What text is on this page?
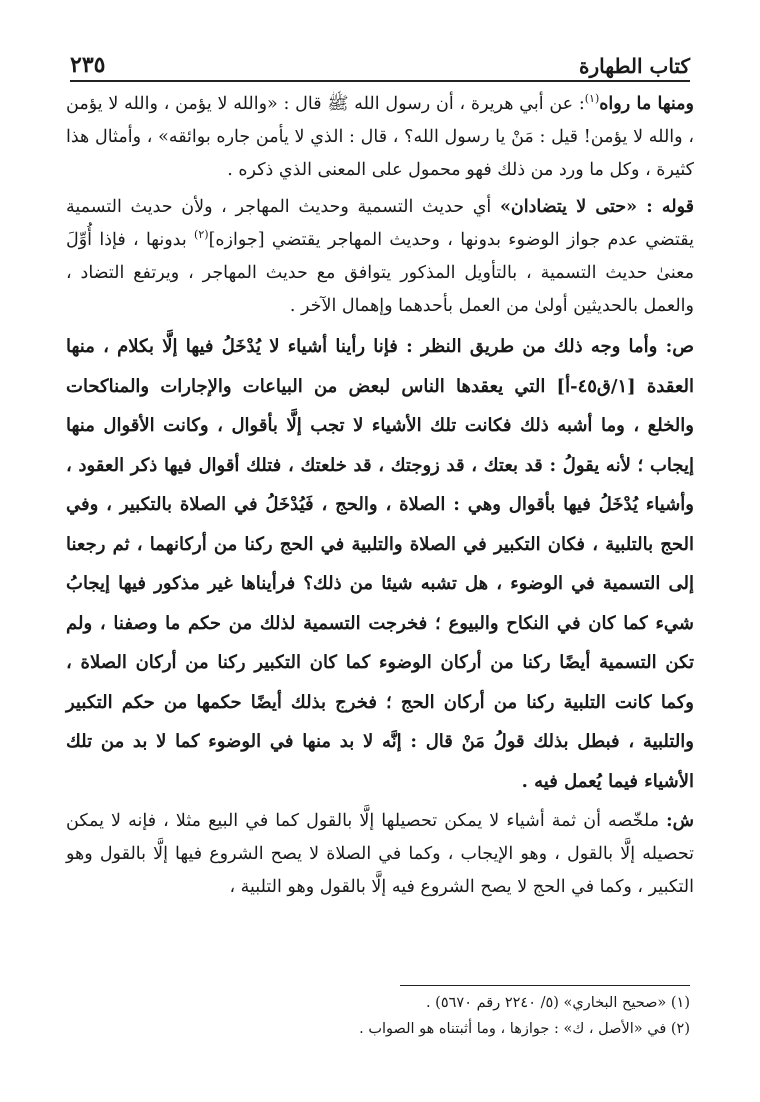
كتاب الطهارة
٢٣٥

ومنها ما رواه$^{(١)}$: عن أبي هريرة ، أن رسول الله ﷺ قال : «والله لا يؤمن ، والله لا يؤمن ، والله لا يؤمن! قيل : مَنْ يا رسول الله؟ ، قال : الذي لا يأمن جاره بوائقه» ، وأمثال هذا كثيرة ، وكل ما ورد من ذلك فهو محمول على المعنى الذي ذكره .

قوله : «حتى لا يتضادان» أي حديث التسمية وحديث المهاجر ، ولأن حديث التسمية يقتضي عدم جواز الوضوء بدونها ، وحديث المهاجر يقتضي [جوازه]$^{(٢)}$ بدونها ، فإذا أُوِّلَ معنىٰ حديث التسمية ، بالتأويل المذكور يتوافق مع حديث المهاجر ، ويرتفع التضاد ، والعمل بالحديثين أولىٰ من العمل بأحدهما وإهمال الآخر .

ص: وأما وجه ذلك من طريق النظر : فإنا رأينا أشياء لا يُدْخَلُ فيها إلَّا بكلام ، منها العقدة [١/ق٤٥-أ] التي يعقدها الناس لبعض من البياعات والإجارات والمناكحات والخلع ، وما أشبه ذلك فكانت تلك الأشياء لا تجب إلَّا بأقوال ، وكانت الأقوال منها إيجاب ؛ لأنه يقولُ : قد بعتك ، قد زوجتك ، قد خلعتك ، فتلك أقوال فيها ذكر العقود ، وأشياء يُدْخَلُ فيها بأقوال وهي : الصلاة ، والحج ، فَيُدْخَلُ في الصلاة بالتكبير ، وفي الحج بالتلبية ، فكان التكبير في الصلاة والتلبية في الحج ركنا من أركانهما ، ثم رجعنا إلى التسمية في الوضوء ، هل تشبه شيئا من ذلك؟ فرأيناها غير مذكور فيها إيجابُ شيء كما كان في النكاح والبيوع ؛ فخرجت التسمية لذلك من حكم ما وصفنا ، ولم تكن التسمية أيضًا ركنا من أركان الوضوء كما كان التكبير ركنا من أركان الصلاة ، وكما كانت التلبية ركنا من أركان الحج ؛ فخرج بذلك أيضًا حكمها من حكم التكبير والتلبية ، فبطل بذلك قولُ مَنْ قال : إنَّه لا بد منها في الوضوء كما لا بد من تلك الأشياء فيما يُعمل فيه .

ش: ملخّصه أن ثمة أشياء لا يمكن تحصيلها إلَّا بالقول كما في البيع مثلا ، فإنه لا يمكن تحصيله إلَّا بالقول ، وهو الإيجاب ، وكما في الصلاة لا يصح الشروع فيها إلَّا بالقول وهو التكبير ، وكما في الحج لا يصح الشروع فيه إلَّا بالقول وهو التلبية ،

(١) «صحيح البخاري» (٥/ ٢٢٤٠ رقم ٥٦٧٠) .

(٢) في «الأصل ، ك» : جوازها ، وما أثبتناه هو الصواب .
